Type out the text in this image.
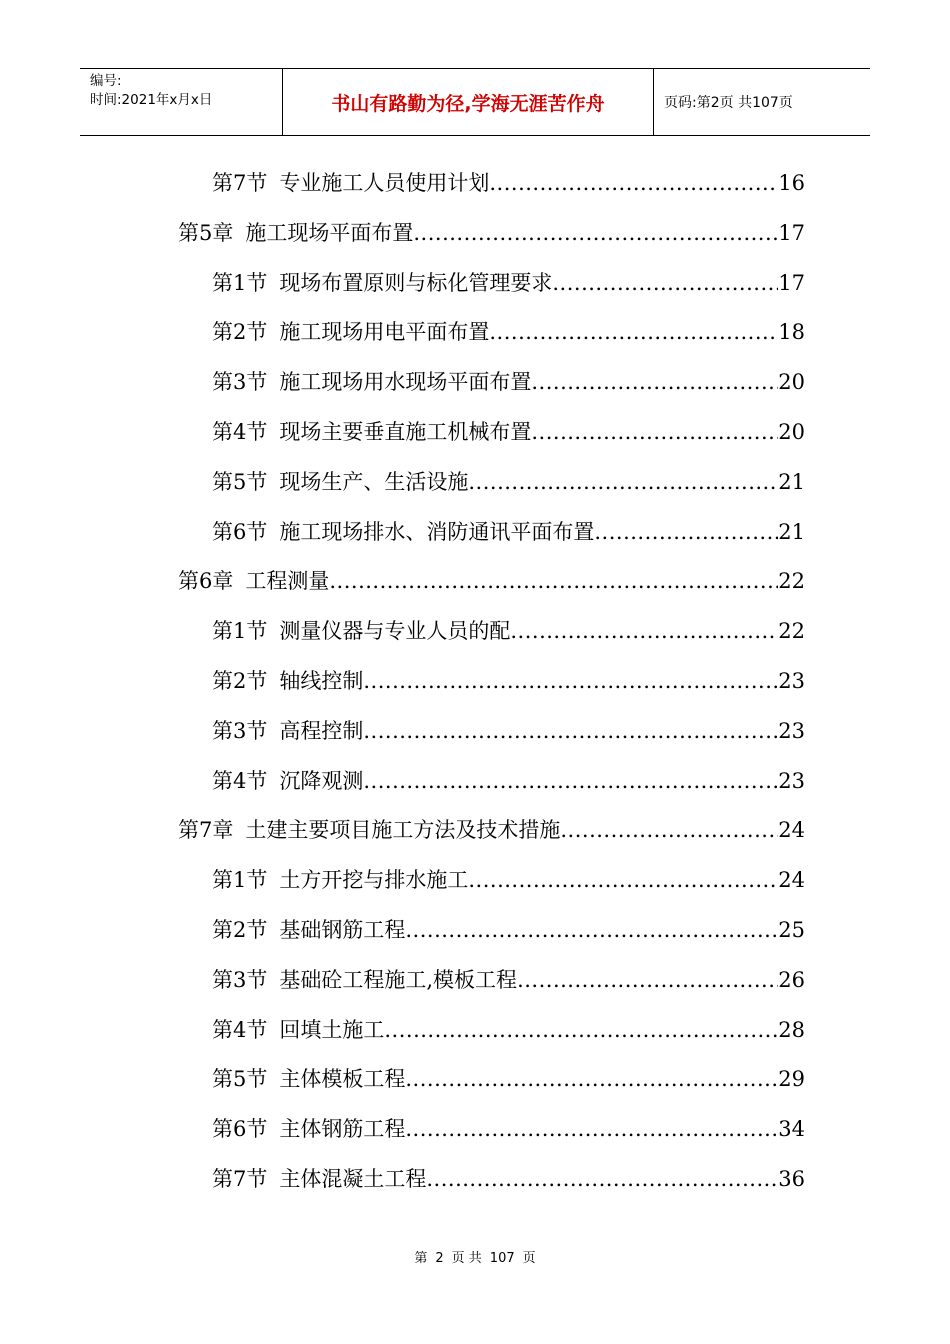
编号:
时间:2021年x月x日	书山有路勤为径,学海无涯苦作舟	页码:第2页 共107页
第7节 专业施工人员使用计划 .....	16
第5章 施工现场平面布置 .....	17
第1节 现场布置原则与标化管理要求 .....	17
第2节 施工现场用电平面布置 .....	18
第3节 施工现场用水现场平面布置 .....	20
第4节 现场主要垂直施工机械布置 .....	20
第5节 现场生产、生活设施 .....	21
第6节 施工现场排水、消防通讯平面布置 .....	21
第6章 工程测量 .....	22
第1节 测量仪器与专业人员的配 .....	22
第2节 轴线控制 .....	23
第3节 高程控制 .....	23
第4节 沉降观测 .....	23
第7章 土建主要项目施工方法及技术措施 .....	24
第1节 土方开挖与排水施工 .....	24
第2节 基础钢筋工程 .....	25
第3节 基础砼工程施工,模板工程 .....	26
第4节 回填土施工 .....	28
第5节 主体模板工程 .....	29
第6节 主体钢筋工程 .....	34
第7节 主体混凝土工程 .....	36
第 2 页 共 107 页
